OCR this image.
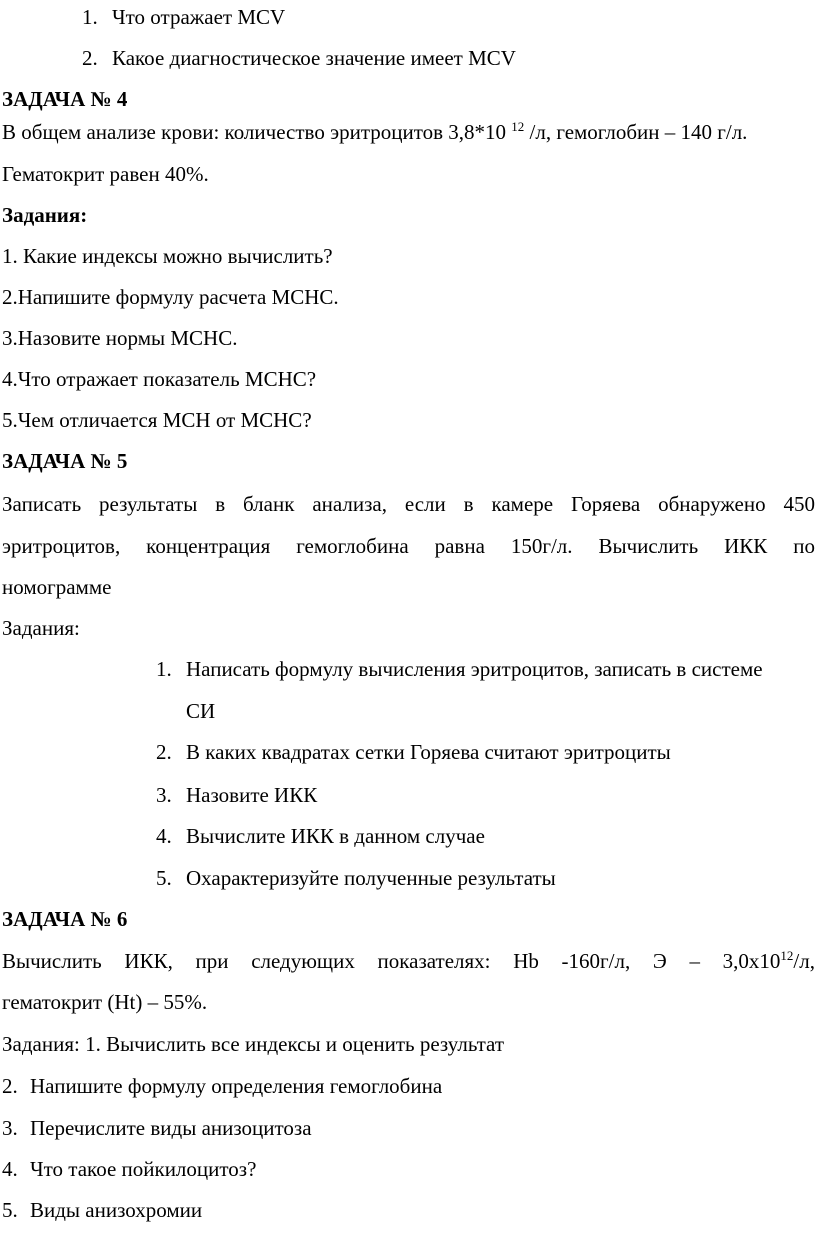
1. Что отражает MCV
2. Какое диагностическое значение имеет MCV
ЗАДАЧА № 4
В общем анализе крови: количество эритроцитов 3,8*10 $^{12}$ /л, гемоглобин – 140 г/л.
Гематокрит равен 40%.
Задания:
1. Какие индексы можно вычислить?
2.Напишите формулу расчета МСНС.
3.Назовите нормы МСНС.
4.Что отражает показатель МСНС?
5.Чем отличается МСН от МСНС?
ЗАДАЧА № 5
Записать результаты в бланк анализа, если в камере Горяева обнаружено 450
эритроцитов, концентрация гемоглобина равна 150г/л. Вычислить ИКК по
номограмме
Задания:
1. Написать формулу вычисления эритроцитов, записать в системе
СИ
2. В каких квадратах сетки Горяева считают эритроциты
3. Назовите ИКК
4. Вычислите ИКК в данном случае
5. Охарактеризуйте полученные результаты
ЗАДАЧА № 6
Вычислить ИКК, при следующих показателях: Hb -160г/л, Э – $3,0х10^{12}/л$,
гематокрит (Ht) – 55%.
Задания: 1. Вычислить все индексы и оценить результат
2. Напишите формулу определения гемоглобина
3. Перечислите виды анизоцитоза
4. Что такое пойкилоцитоз?
5. Виды анизохромии
